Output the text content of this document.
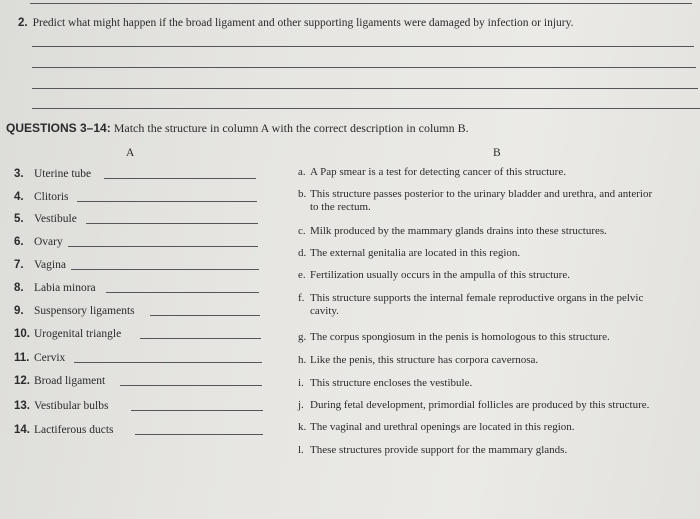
2. Predict what might happen if the broad ligament and other supporting ligaments were damaged by infection or injury.
QUESTIONS 3–14: Match the structure in column A with the correct description in column B.
A	B
3. Uterine tube
4. Clitoris
5. Vestibule
6. Ovary
7. Vagina
8. Labia minora
9. Suspensory ligaments
10. Urogenital triangle
11. Cervix
12. Broad ligament
13. Vestibular bulbs
14. Lactiferous ducts
a. A Pap smear is a test for detecting cancer of this structure.
b. This structure passes posterior to the urinary bladder and urethra, and anterior
to the rectum.
c. Milk produced by the mammary glands drains into these structures.
d. The external genitalia are located in this region.
e. Fertilization usually occurs in the ampulla of this structure.
f. This structure supports the internal female reproductive organs in the pelvic
cavity.
g. The corpus spongiosum in the penis is homologous to this structure.
h. Like the penis, this structure has corpora cavernosa.
i. This structure encloses the vestibule.
j. During fetal development, primordial follicles are produced by this structure.
k. The vaginal and urethral openings are located in this region.
l. These structures provide support for the mammary glands.
